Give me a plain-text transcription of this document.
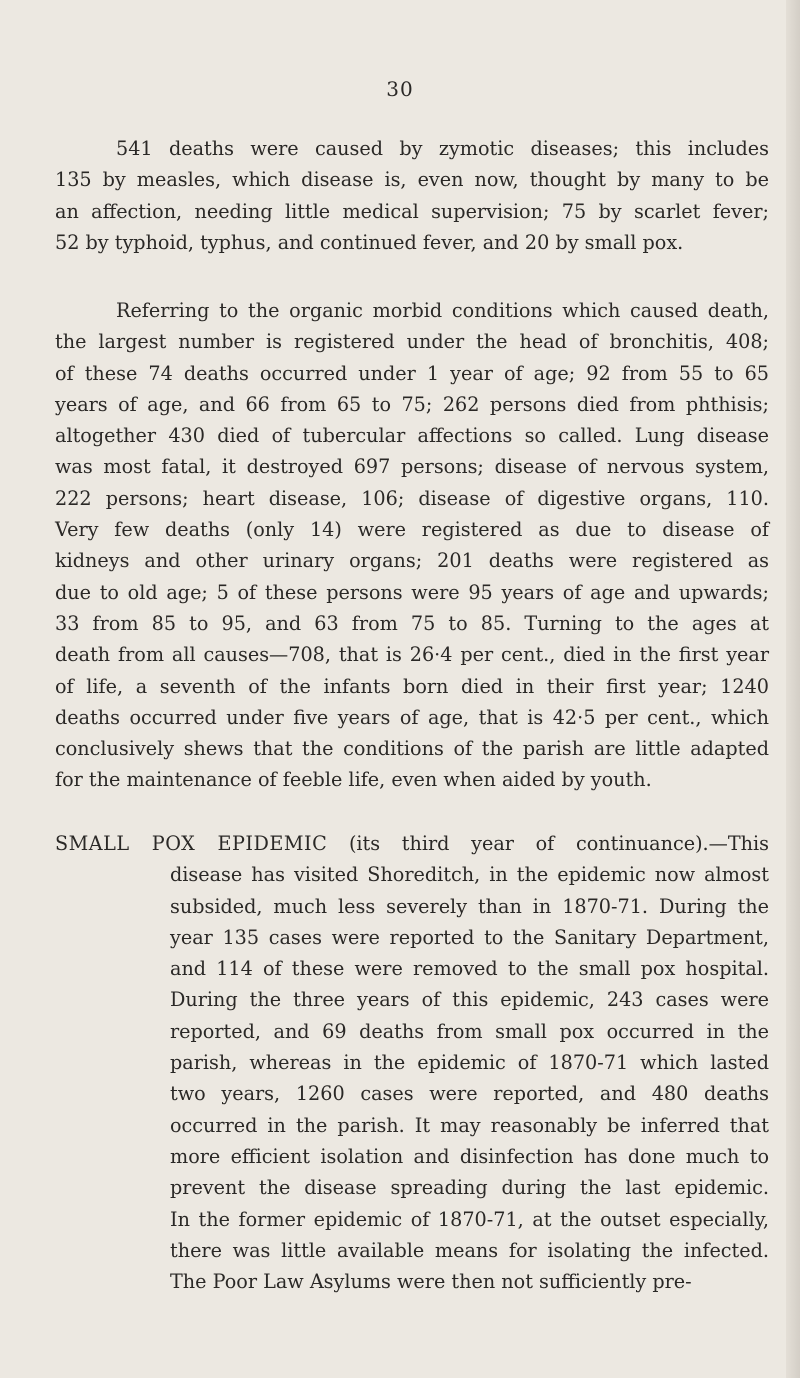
30
541 deaths were caused by zymotic diseases; this includes
135 by measles, which disease is, even now, thought by many to be
an affection, needing little medical supervision; 75 by scarlet fever;
52 by typhoid, typhus, and continued fever, and 20 by small pox.
Referring to the organic morbid conditions which caused death,
the largest number is registered under the head of bronchitis, 408;
of these 74 deaths occurred under 1 year of age; 92 from 55 to 65
years of age, and 66 from 65 to 75; 262 persons died from phthisis;
altogether 430 died of tubercular affections so called. Lung disease
was most fatal, it destroyed 697 persons; disease of nervous system,
222 persons; heart disease, 106; disease of digestive organs, 110.
Very few deaths (only 14) were registered as due to disease of
kidneys and other urinary organs; 201 deaths were registered as
due to old age; 5 of these persons were 95 years of age and upwards;
33 from 85 to 95, and 63 from 75 to 85. Turning to the ages at
death from all causes—708, that is 26·4 per cent., died in the first year
of life, a seventh of the infants born died in their first year; 1240
deaths occurred under five years of age, that is 42·5 per cent., which
conclusively shews that the conditions of the parish are little adapted
for the maintenance of feeble life, even when aided by youth.
SMALL POX EPIDEMIC (its third year of continuance).—This
disease has visited Shoreditch, in the epidemic now almost
subsided, much less severely than in 1870-71. During the
year 135 cases were reported to the Sanitary Department,
and 114 of these were removed to the small pox hospital.
During the three years of this epidemic, 243 cases were
reported, and 69 deaths from small pox occurred in the
parish, whereas in the epidemic of 1870-71 which lasted
two years, 1260 cases were reported, and 480 deaths
occurred in the parish. It may reasonably be inferred that
more efficient isolation and disinfection has done much to
prevent the disease spreading during the last epidemic.
In the former epidemic of 1870-71, at the outset especially,
there was little available means for isolating the infected.
The Poor Law Asylums were then not sufficiently pre-
